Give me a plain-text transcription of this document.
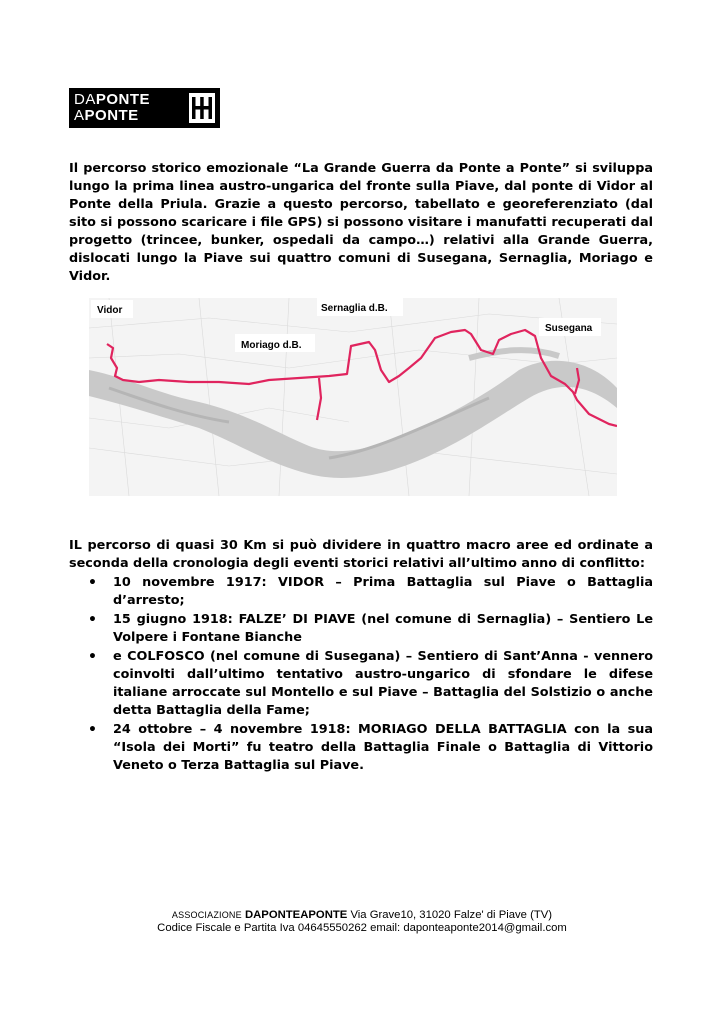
DAPONTE
APONTE
Il percorso storico emozionale “La Grande Guerra da Ponte a Ponte” si sviluppa lungo la prima linea austro-ungarica del fronte sulla Piave, dal ponte di Vidor al Ponte della Priula. Grazie a questo percorso, tabellato e georeferenziato (dal sito si possono scaricare i file GPS) si possono visitare i manufatti recuperati dal progetto (trincee, bunker, ospedali da campo…) relativi alla Grande Guerra, dislocati lungo la Piave sui quattro comuni di Susegana, Sernaglia, Moriago e Vidor.
Vidor
Moriago d.B.
Sernaglia d.B.
Susegana
IL percorso di quasi 30 Km si può dividere in quattro macro aree ed ordinate a seconda della cronologia degli eventi storici relativi all’ultimo anno di conflitto:
• 10 novembre 1917: VIDOR – Prima Battaglia sul Piave o Battaglia d’arresto;
• 15 giugno 1918: FALZE’ DI PIAVE (nel comune di Sernaglia) – Sentiero Le Volpere i Fontane Bianche
• e COLFOSCO (nel comune di Susegana) – Sentiero di Sant’Anna - vennero coinvolti dall’ultimo tentativo austro-ungarico di sfondare le difese italiane arroccate sul Montello e sul Piave – Battaglia del Solstizio o anche detta Battaglia della Fame;
• 24 ottobre – 4 novembre 1918: MORIAGO DELLA BATTAGLIA con la sua “Isola dei Morti” fu teatro della Battaglia Finale o Battaglia di Vittorio Veneto o Terza Battaglia sul Piave.
ASSOCIAZIONE DAPONTEAPONTE Via Grave10, 31020 Falze' di Piave (TV)
Codice Fiscale e Partita Iva 04645550262 email: daponteaponte2014@gmail.com
